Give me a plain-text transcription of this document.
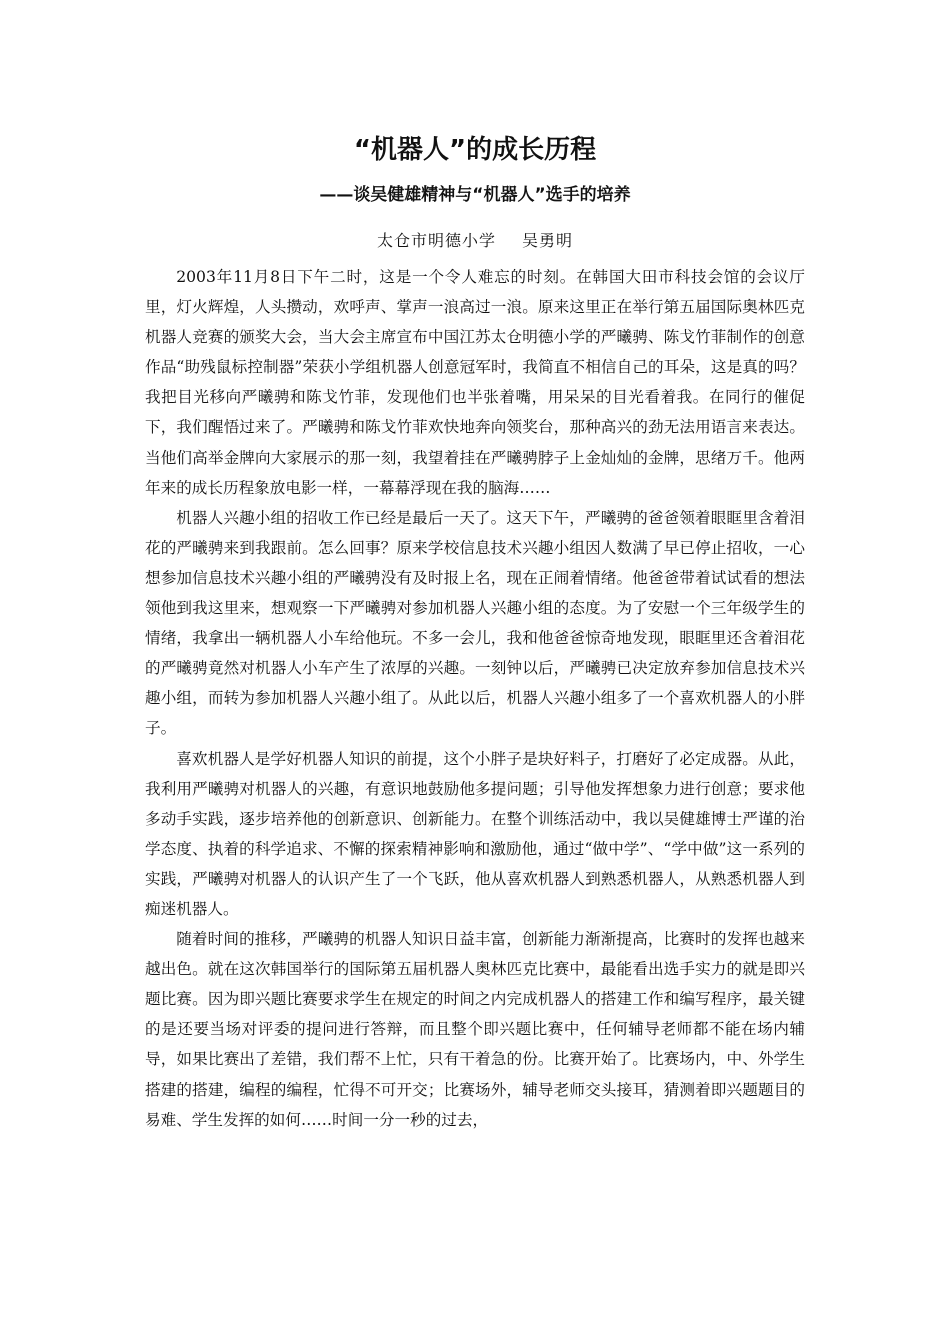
“机器人”的成长历程
——谈吴健雄精神与“机器人”选手的培养
太仓市明德小学 吴勇明

2003年11月8日下午二时，这是一个令人难忘的时刻。在韩国大田市科技会馆的会议厅里，灯火辉煌，人头攒动，欢呼声、掌声一浪高过一浪。原来这里正在举行第五届国际奥林匹克机器人竞赛的颁奖大会，当大会主席宣布中国江苏太仓明德小学的严曦骋、陈戈竹菲制作的创意作品“助残鼠标控制器”荣获小学组机器人创意冠军时，我简直不相信自己的耳朵，这是真的吗？我把目光移向严曦骋和陈戈竹菲，发现他们也半张着嘴，用呆呆的目光看着我。在同行的催促下，我们醒悟过来了。严曦骋和陈戈竹菲欢快地奔向领奖台，那种高兴的劲无法用语言来表达。当他们高举金牌向大家展示的那一刻，我望着挂在严曦骋脖子上金灿灿的金牌，思绪万千。他两年来的成长历程象放电影一样，一幕幕浮现在我的脑海……

机器人兴趣小组的招收工作已经是最后一天了。这天下午，严曦骋的爸爸领着眼眶里含着泪花的严曦骋来到我跟前。怎么回事？原来学校信息技术兴趣小组因人数满了早已停止招收，一心想参加信息技术兴趣小组的严曦骋没有及时报上名，现在正闹着情绪。他爸爸带着试试看的想法领他到我这里来，想观察一下严曦骋对参加机器人兴趣小组的态度。为了安慰一个三年级学生的情绪，我拿出一辆机器人小车给他玩。不多一会儿，我和他爸爸惊奇地发现，眼眶里还含着泪花的严曦骋竟然对机器人小车产生了浓厚的兴趣。一刻钟以后，严曦骋已决定放弃参加信息技术兴趣小组，而转为参加机器人兴趣小组了。从此以后，机器人兴趣小组多了一个喜欢机器人的小胖子。

喜欢机器人是学好机器人知识的前提，这个小胖子是块好料子，打磨好了必定成器。从此，我利用严曦骋对机器人的兴趣，有意识地鼓励他多提问题；引导他发挥想象力进行创意；要求他多动手实践，逐步培养他的创新意识、创新能力。在整个训练活动中，我以吴健雄博士严谨的治学态度、执着的科学追求、不懈的探索精神影响和激励他，通过“做中学”、“学中做”这一系列的实践，严曦骋对机器人的认识产生了一个飞跃，他从喜欢机器人到熟悉机器人，从熟悉机器人到痴迷机器人。

随着时间的推移，严曦骋的机器人知识日益丰富，创新能力渐渐提高，比赛时的发挥也越来越出色。就在这次韩国举行的国际第五届机器人奥林匹克比赛中，最能看出选手实力的就是即兴题比赛。因为即兴题比赛要求学生在规定的时间之内完成机器人的搭建工作和编写程序，最关键的是还要当场对评委的提问进行答辩，而且整个即兴题比赛中，任何辅导老师都不能在场内辅导，如果比赛出了差错，我们帮不上忙，只有干着急的份。比赛开始了。比赛场内，中、外学生搭建的搭建，编程的编程，忙得不可开交；比赛场外，辅导老师交头接耳，猜测着即兴题题目的易难、学生发挥的如何……时间一分一秒的过去，
